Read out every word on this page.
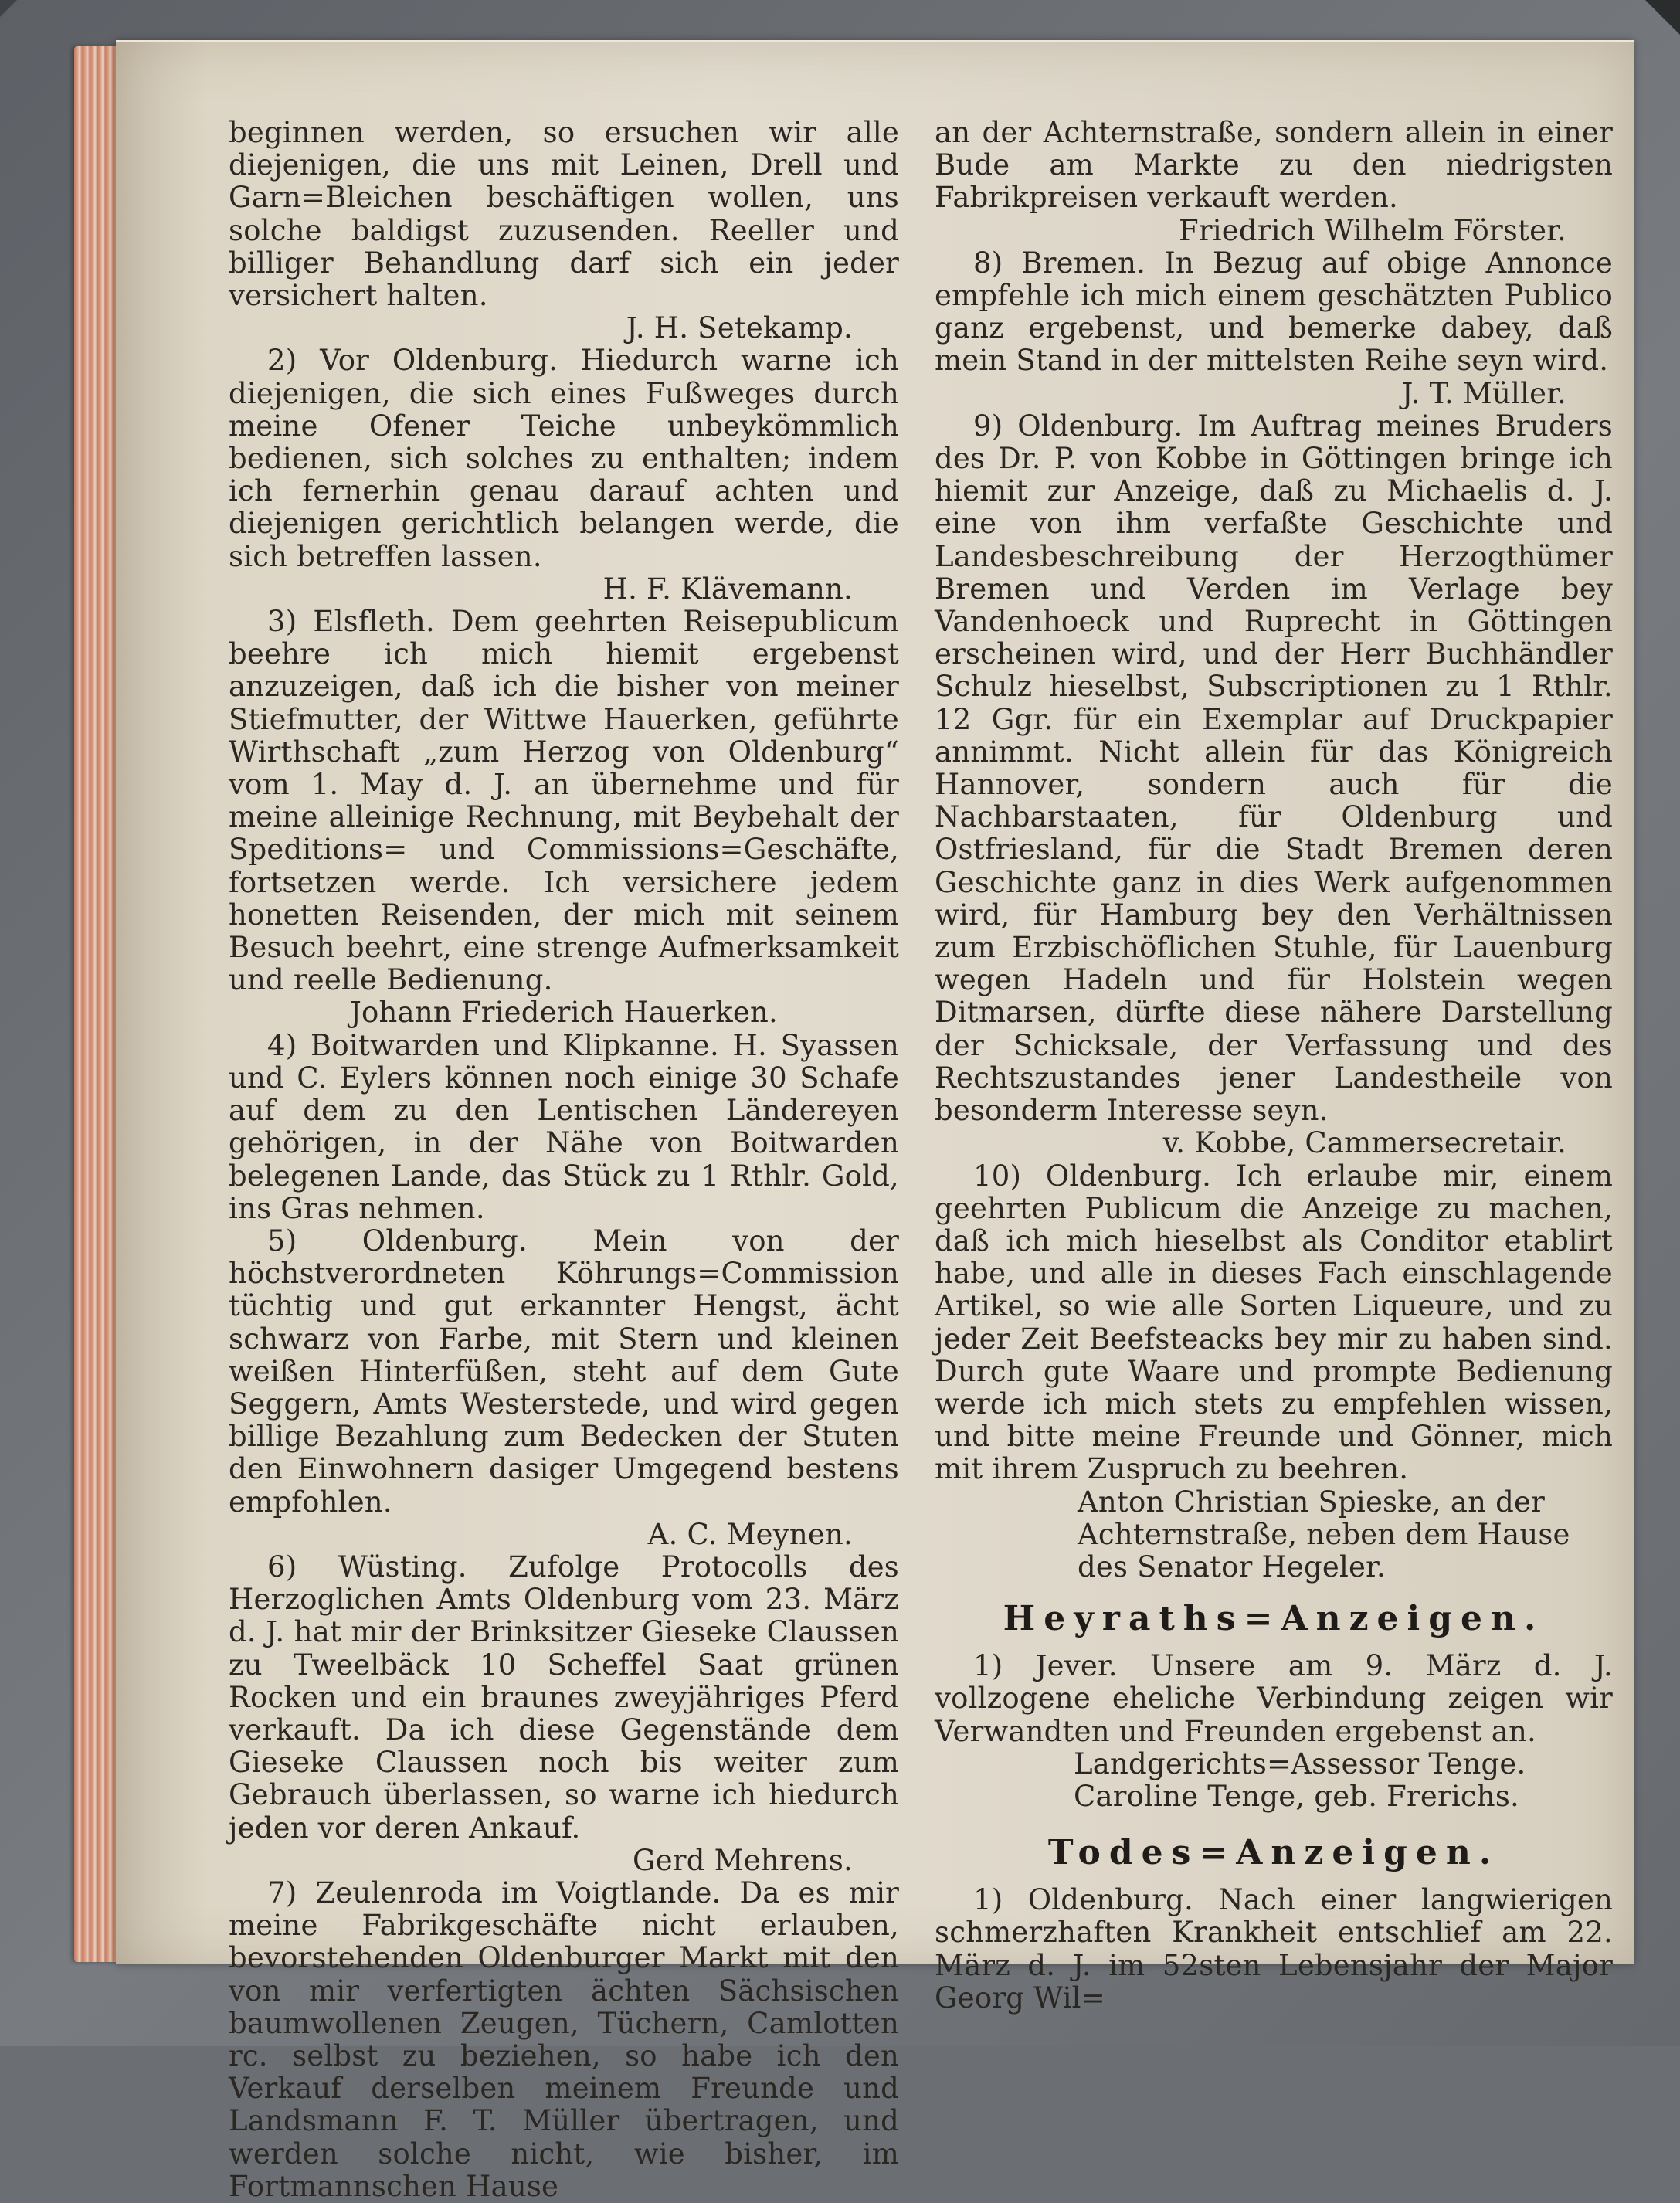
beginnen werden, so ersuchen wir alle diejenigen, die uns mit Leinen, Drell und Garn=Bleichen beschäftigen wollen, uns solche baldigst zuzusenden. Reeller und billiger Behandlung darf sich ein jeder versichert halten.

J. H. Setekamp.

2) Vor Oldenburg. Hiedurch warne ich diejenigen, die sich eines Fußweges durch meine Ofener Teiche unbeykömmlich bedienen, sich solches zu enthalten; indem ich fernerhin genau darauf achten und diejenigen gerichtlich belangen werde, die sich betreffen lassen.

H. F. Klävemann.

3) Elsfleth. Dem geehrten Reisepublicum beehre ich mich hiemit ergebenst anzuzeigen, daß ich die bisher von meiner Stiefmutter, der Wittwe Hauerken, geführte Wirthschaft „zum Herzog von Oldenburg“ vom 1. May d. J. an übernehme und für meine alleinige Rechnung, mit Beybehalt der Speditions= und Commissions=Geschäfte, fortsetzen werde. Ich versichere jedem honetten Reisenden, der mich mit seinem Besuch beehrt, eine strenge Aufmerksamkeit und reelle Bedienung.

Johann Friederich Hauerken.

4) Boitwarden und Klipkanne. H. Syassen und C. Eylers können noch einige 30 Schafe auf dem zu den Lentischen Ländereyen gehörigen, in der Nähe von Boitwarden belegenen Lande, das Stück zu 1 Rthlr. Gold, ins Gras nehmen.

5) Oldenburg. Mein von der höchstverordneten Köhrungs=Commission tüchtig und gut erkannter Hengst, ächt schwarz von Farbe, mit Stern und kleinen weißen Hinterfüßen, steht auf dem Gute Seggern, Amts Westerstede, und wird gegen billige Bezahlung zum Bedecken der Stuten den Einwohnern dasiger Umgegend bestens empfohlen.

A. C. Meynen.

6) Wüsting. Zufolge Protocolls des Herzoglichen Amts Oldenburg vom 23. März d. J. hat mir der Brinksitzer Gieseke Claussen zu Tweelbäck 10 Scheffel Saat grünen Rocken und ein braunes zweyjähriges Pferd verkauft. Da ich diese Gegenstände dem Gieseke Claussen noch bis weiter zum Gebrauch überlassen, so warne ich hiedurch jeden vor deren Ankauf.

Gerd Mehrens.

7) Zeulenroda im Voigtlande. Da es mir meine Fabrikgeschäfte nicht erlauben, bevorstehenden Oldenburger Markt mit den von mir verfertigten ächten Sächsischen baumwollenen Zeugen, Tüchern, Camlotten rc. selbst zu beziehen, so habe ich den Verkauf derselben meinem Freunde und Landsmann F. T. Müller übertragen, und werden solche nicht, wie bisher, im Fortmannschen Hause

an der Achternstraße, sondern allein in einer Bude am Markte zu den niedrigsten Fabrikpreisen verkauft werden.

Friedrich Wilhelm Förster.

8) Bremen. In Bezug auf obige Annonce empfehle ich mich einem geschätzten Publico ganz ergebenst, und bemerke dabey, daß mein Stand in der mittelsten Reihe seyn wird.

J. T. Müller.

9) Oldenburg. Im Auftrag meines Bruders des Dr. P. von Kobbe in Göttingen bringe ich hiemit zur Anzeige, daß zu Michaelis d. J. eine von ihm verfaßte Geschichte und Landesbeschreibung der Herzogthümer Bremen und Verden im Verlage bey Vandenhoeck und Ruprecht in Göttingen erscheinen wird, und der Herr Buchhändler Schulz hieselbst, Subscriptionen zu 1 Rthlr. 12 Ggr. für ein Exemplar auf Druckpapier annimmt. Nicht allein für das Königreich Hannover, sondern auch für die Nachbarstaaten, für Oldenburg und Ostfriesland, für die Stadt Bremen deren Geschichte ganz in dies Werk aufgenommen wird, für Hamburg bey den Verhältnissen zum Erzbischöflichen Stuhle, für Lauenburg wegen Hadeln und für Holstein wegen Ditmarsen, dürfte diese nähere Darstellung der Schicksale, der Verfassung und des Rechtszustandes jener Landestheile von besonderm Interesse seyn.

v. Kobbe, Cammersecretair.

10) Oldenburg. Ich erlaube mir, einem geehrten Publicum die Anzeige zu machen, daß ich mich hieselbst als Conditor etablirt habe, und alle in dieses Fach einschlagende Artikel, so wie alle Sorten Liqueure, und zu jeder Zeit Beefsteacks bey mir zu haben sind. Durch gute Waare und prompte Bedienung werde ich mich stets zu empfehlen wissen, und bitte meine Freunde und Gönner, mich mit ihrem Zuspruch zu beehren.

Anton Christian Spieske, an der Achternstraße, neben dem Hause des Senator Hegeler.

Heyraths=Anzeigen.

1) Jever. Unsere am 9. März d. J. vollzogene eheliche Verbindung zeigen wir Verwandten und Freunden ergebenst an.

Landgerichts=Assessor Tenge.

Caroline Tenge, geb. Frerichs.

Todes=Anzeigen.

1) Oldenburg. Nach einer langwierigen schmerzhaften Krankheit entschlief am 22. März d. J. im 52sten Lebensjahr der Major Georg Wil=
